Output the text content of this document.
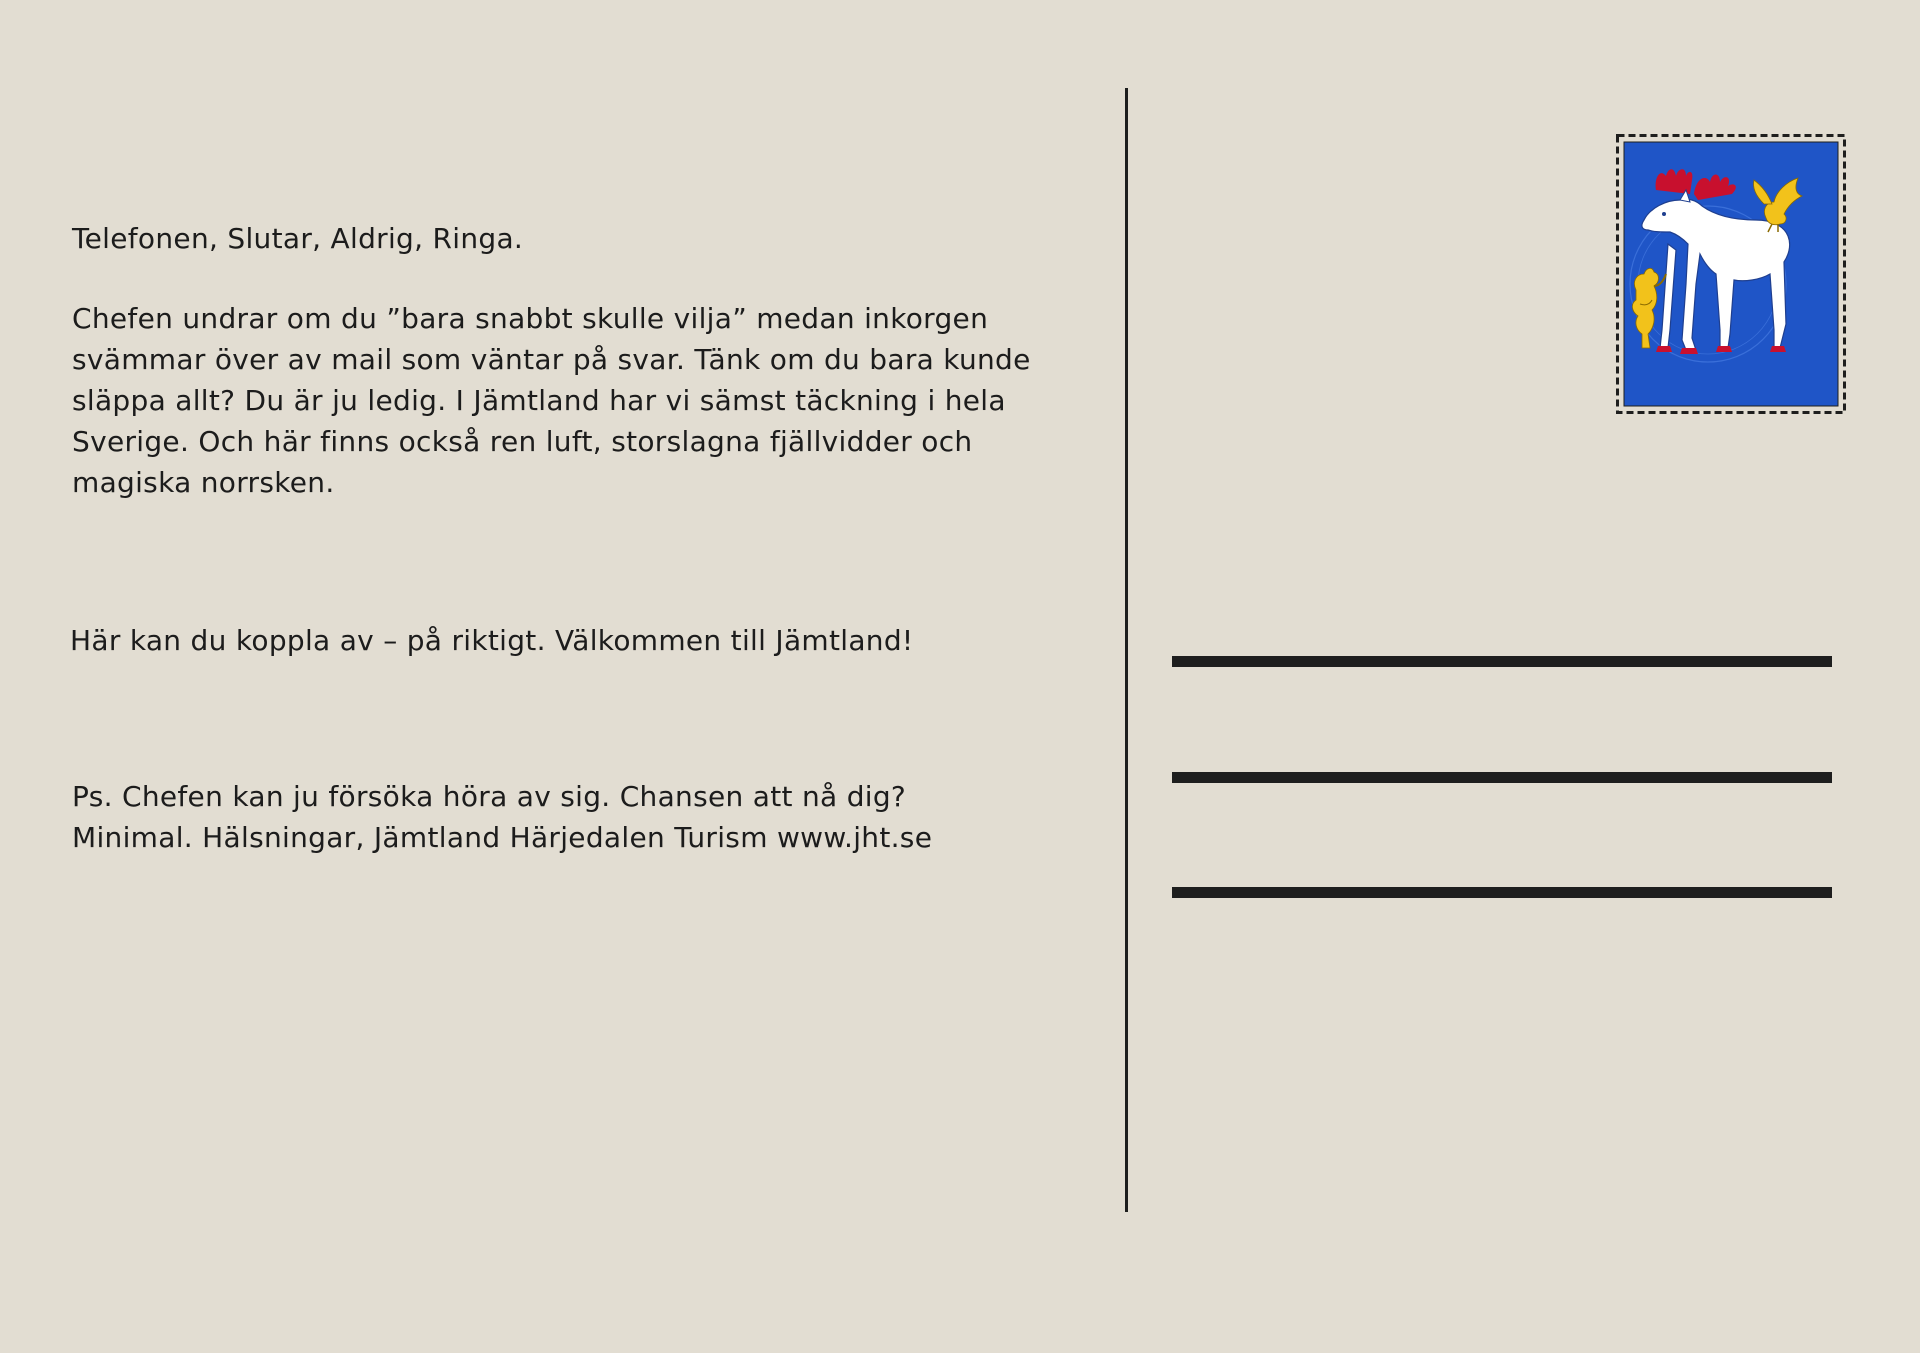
Telefonen, Slutar, Aldrig, Ringa.

Chefen undrar om du ”bara snabbt skulle vilja” medan inkorgen
svämmar över av mail som väntar på svar. Tänk om du bara kunde
släppa allt? Du är ju ledig. I Jämtland har vi sämst täckning i hela
Sverige. Och här finns också ren luft, storslagna fjällvidder och
magiska norrsken.

Här kan du koppla av – på riktigt. Välkommen till Jämtland!

Ps. Chefen kan ju försöka höra av sig. Chansen att nå dig?
Minimal. Hälsningar, Jämtland Härjedalen Turism www.jht.se
